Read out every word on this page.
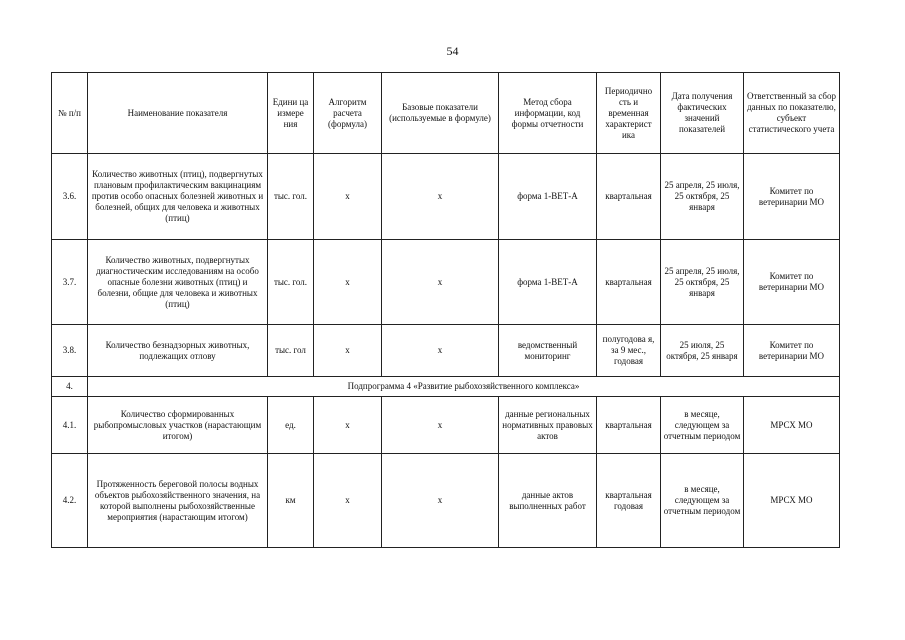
54
№ п/п	Наименование показателя	Едини ца измере ния	Алгоритм расчета (формула)	Базовые показатели (используемые в формуле)	Метод сбора информации, код формы отчетности	Периодично сть и временная характерист ика	Дата получения фактических значений показателей	Ответственный за сбор данных по показателю, субъект статистического учета
3.6.	Количество животных (птиц), подвергнутых плановым профилактическим вакцинациям против особо опасных болезней животных и болезней, общих для человека и животных (птиц)	тыс. гол.	х	х	форма 1-ВЕТ-А	квартальная	25 апреля, 25 июля, 25 октября, 25 января	Комитет по ветеринарии МО
3.7.	Количество животных, подвергнутых диагностическим исследованиям на особо опасные болезни животных (птиц) и болезни, общие для человека и животных (птиц)	тыс. гол.	х	х	форма 1-ВЕТ-А	квартальная	25 апреля, 25 июля, 25 октября, 25 января	Комитет по ветеринарии МО
3.8.	Количество безнадзорных животных, подлежащих отлову	тыс. гол	х	х	ведомственный мониторинг	полугодова я, за 9 мес., годовая	25 июля, 25 октября, 25 января	Комитет по ветеринарии МО
4.	Подпрограмма 4 «Развитие рыбохозяйственного комплекса»							
4.1.	Количество сформированных рыбопромысловых участков (нарастающим итогом)	ед.	х	х	данные региональных нормативных правовых актов	квартальная	в месяце, следующем за отчетным периодом	МРСХ МО
4.2.	Протяженность береговой полосы водных объектов рыбохозяйственного значения, на которой выполнены рыбохозяйственные мероприятия (нарастающим итогом)	км	х	х	данные актов выполненных работ	квартальная годовая	в месяце, следующем за отчетным периодом	МРСХ МО
